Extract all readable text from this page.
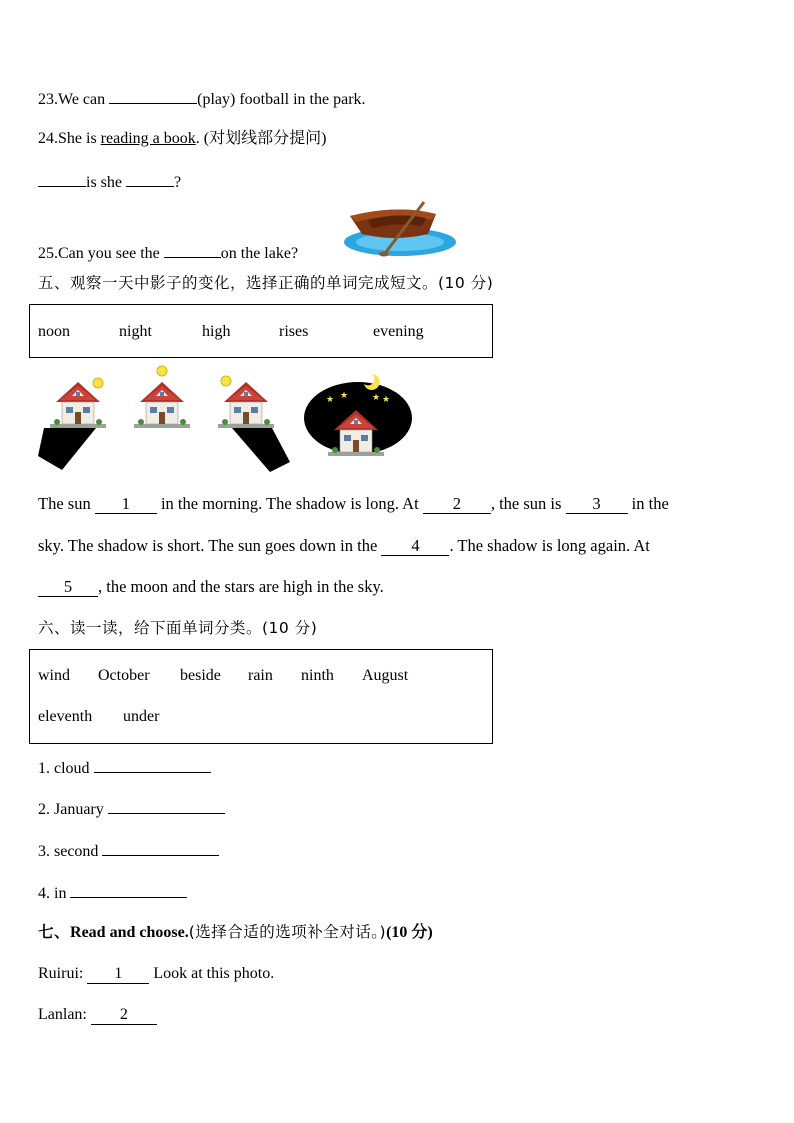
23.We can	(play) football in the park.
24.She is reading a book. (对划线部分提问)
is she	?
25.Can you see the	on the lake?
五、观察一天中影子的变化，选择正确的单词完成短文。(10 分)
noon	night	high	rises	evening
★ ★	★ ★
The sun 1 in the morning. The shadow is long. At 2 , the sun is 3 in the
sky. The shadow is short. The sun goes down in the 4 . The shadow is long again. At
5 , the moon and the stars are high in the sky.
六、读一读，给下面单词分类。(10 分)
wind October beside rain ninth August
eleventh under
1. cloud
2. January
3. second
4. in
七、Read and choose.(选择合适的选项补全对话。)(10 分)
Ruirui: 1 Look at this photo.
Lanlan: 2
